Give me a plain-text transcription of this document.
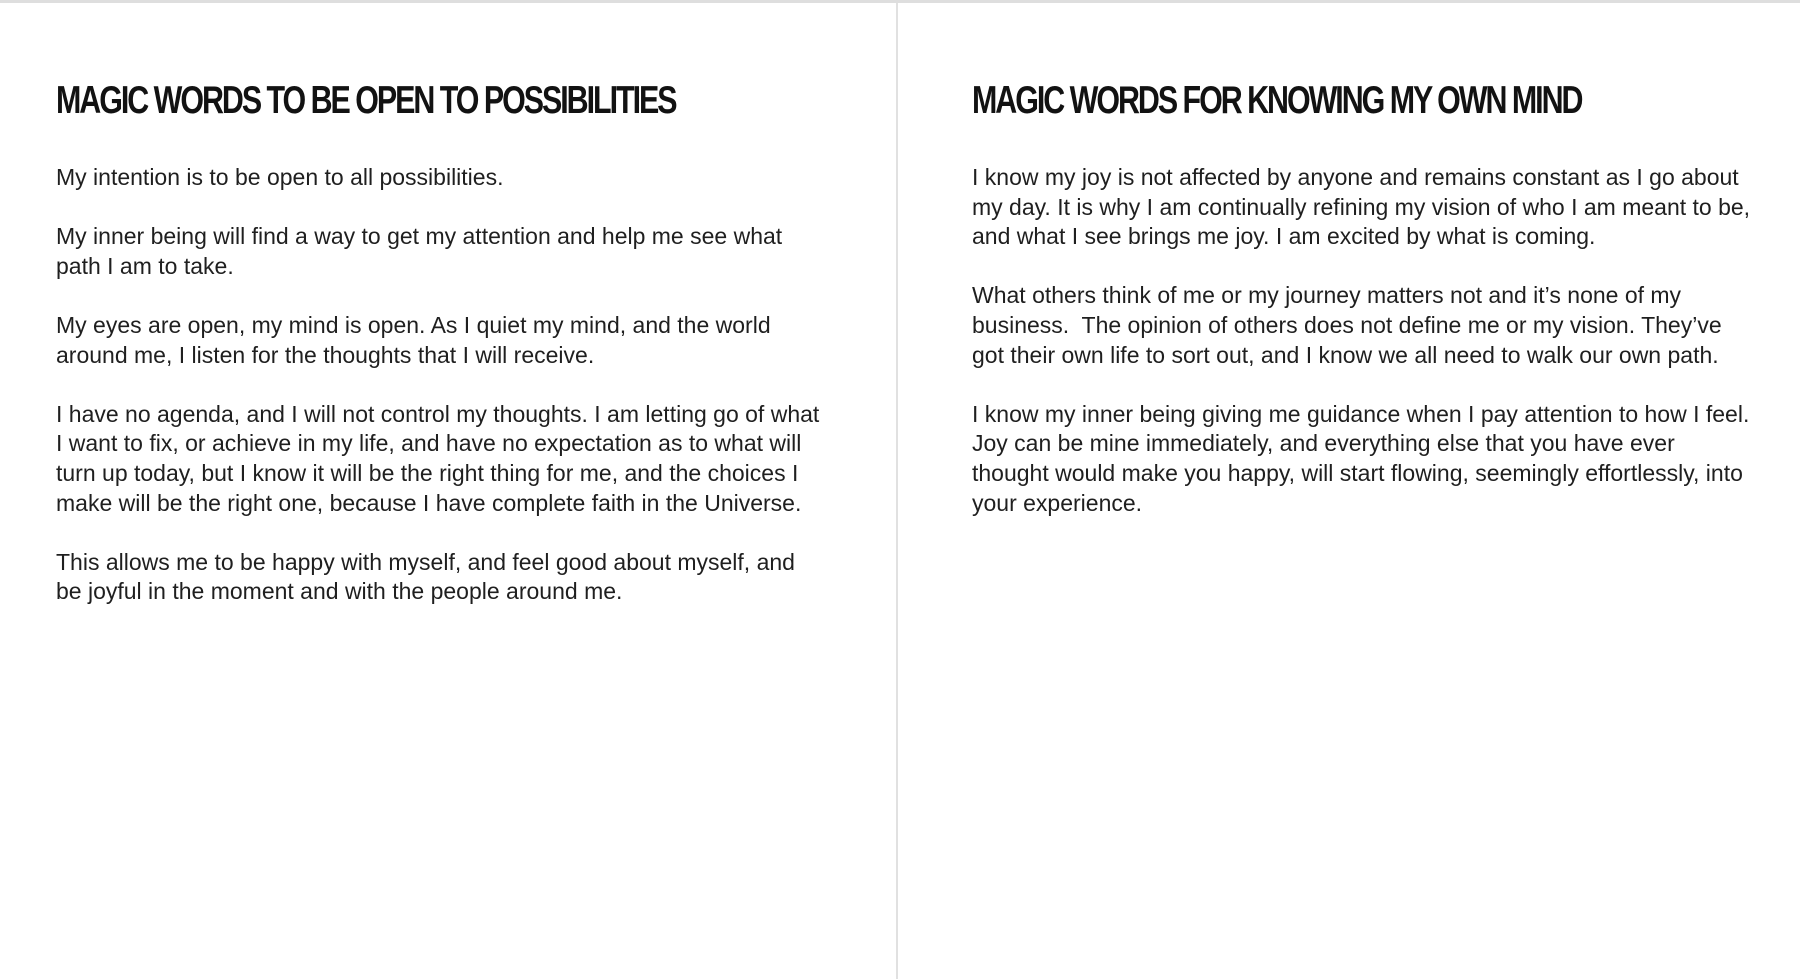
MAGIC WORDS TO BE OPEN TO POSSIBILITIES

My intention is to be open to all possibilities.

My inner being will find a way to get my attention and help me see what path I am to take.

My eyes are open, my mind is open. As I quiet my mind, and the world around me, I listen for the thoughts that I will receive.

I have no agenda, and I will not control my thoughts. I am letting go of what I want to fix, or achieve in my life, and have no expectation as to what will turn up today, but I know it will be the right thing for me, and the choices I make will be the right one, because I have complete faith in the Universe.

This allows me to be happy with myself, and feel good about myself, and be joyful in the moment and with the people around me.

MAGIC WORDS FOR KNOWING MY OWN MIND

I know my joy is not affected by anyone and remains constant as I go about my day. It is why I am continually refining my vision of who I am meant to be, and what I see brings me joy. I am excited by what is coming.

What others think of me or my journey matters not and it’s none of my business.  The opinion of others does not define me or my vision. They’ve got their own life to sort out, and I know we all need to walk our own path.

I know my inner being giving me guidance when I pay attention to how I feel. Joy can be mine immediately, and everything else that you have ever thought would make you happy, will start flowing, seemingly effortlessly, into your experience.
